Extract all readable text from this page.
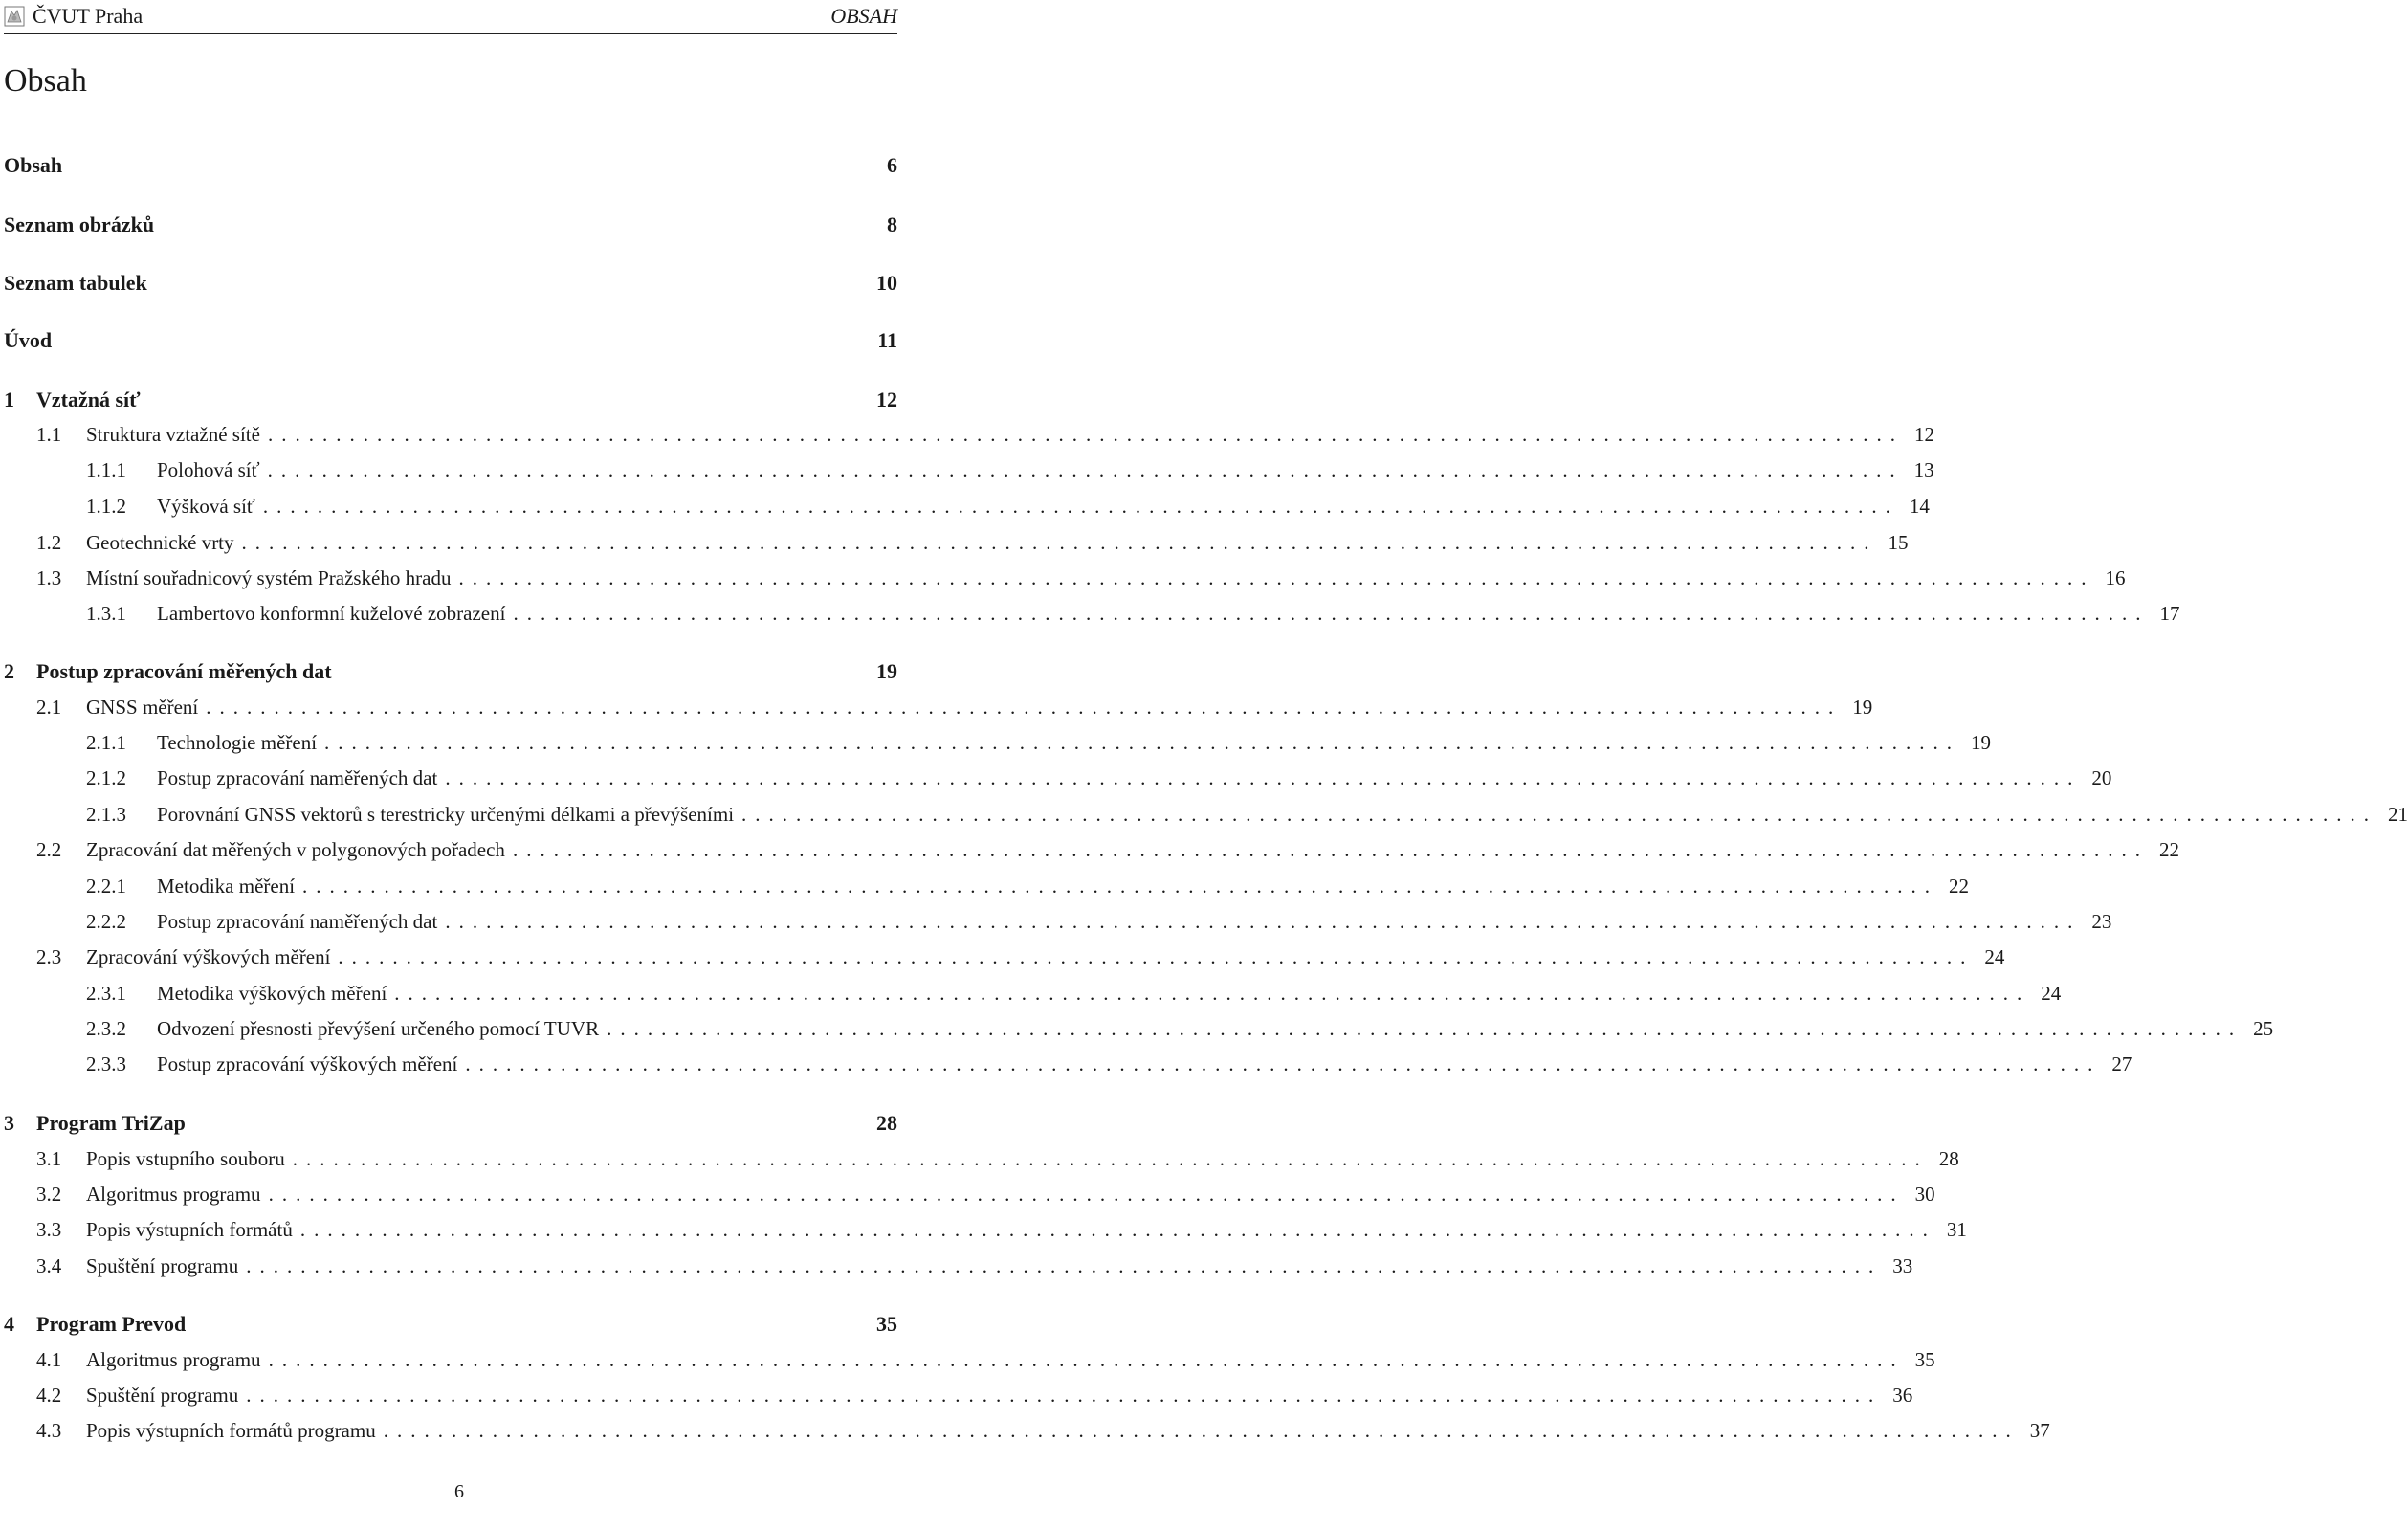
ČVUT Praha	OBSAH
Obsah
Obsah	6
Seznam obrázků	8
Seznam tabulek	10
Úvod	11
1	Vztažná síť	12
1.1	Struktura vztažné sítě ........................................................................................................................ 12
1.1.1	Polohová síť ........................................................................................................................ 13
1.1.2	Výšková síť ........................................................................................................................ 14
1.2	Geotechnické vrty ........................................................................................................................ 15
1.3	Místní souřadnicový systém Pražského hradu ........................................................................................................................ 16
1.3.1	Lambertovo konformní kuželové zobrazení ........................................................................................................................ 17
2	Postup zpracování měřených dat	19
2.1	GNSS měření ........................................................................................................................ 19
2.1.1	Technologie měření ........................................................................................................................ 19
2.1.2	Postup zpracování naměřených dat ........................................................................................................................ 20
2.1.3	Porovnání GNSS vektorů s terestricky určenými délkami a převýšeními ........................................................................................................................ 21
2.2	Zpracování dat měřených v polygonových pořadech ........................................................................................................................ 22
2.2.1	Metodika měření ........................................................................................................................ 22
2.2.2	Postup zpracování naměřených dat ........................................................................................................................ 23
2.3	Zpracování výškových měření ........................................................................................................................ 24
2.3.1	Metodika výškových měření ........................................................................................................................ 24
2.3.2	Odvození přesnosti převýšení určeného pomocí TUVR ........................................................................................................................ 25
2.3.3	Postup zpracování výškových měření ........................................................................................................................ 27
3	Program TriZap	28
3.1	Popis vstupního souboru ........................................................................................................................ 28
3.2	Algoritmus programu ........................................................................................................................ 30
3.3	Popis výstupních formátů ........................................................................................................................ 31
3.4	Spuštění programu ........................................................................................................................ 33
4	Program Prevod	35
4.1	Algoritmus programu ........................................................................................................................ 35
4.2	Spuštění programu ........................................................................................................................ 36
4.3	Popis výstupních formátů programu ........................................................................................................................ 37
6
